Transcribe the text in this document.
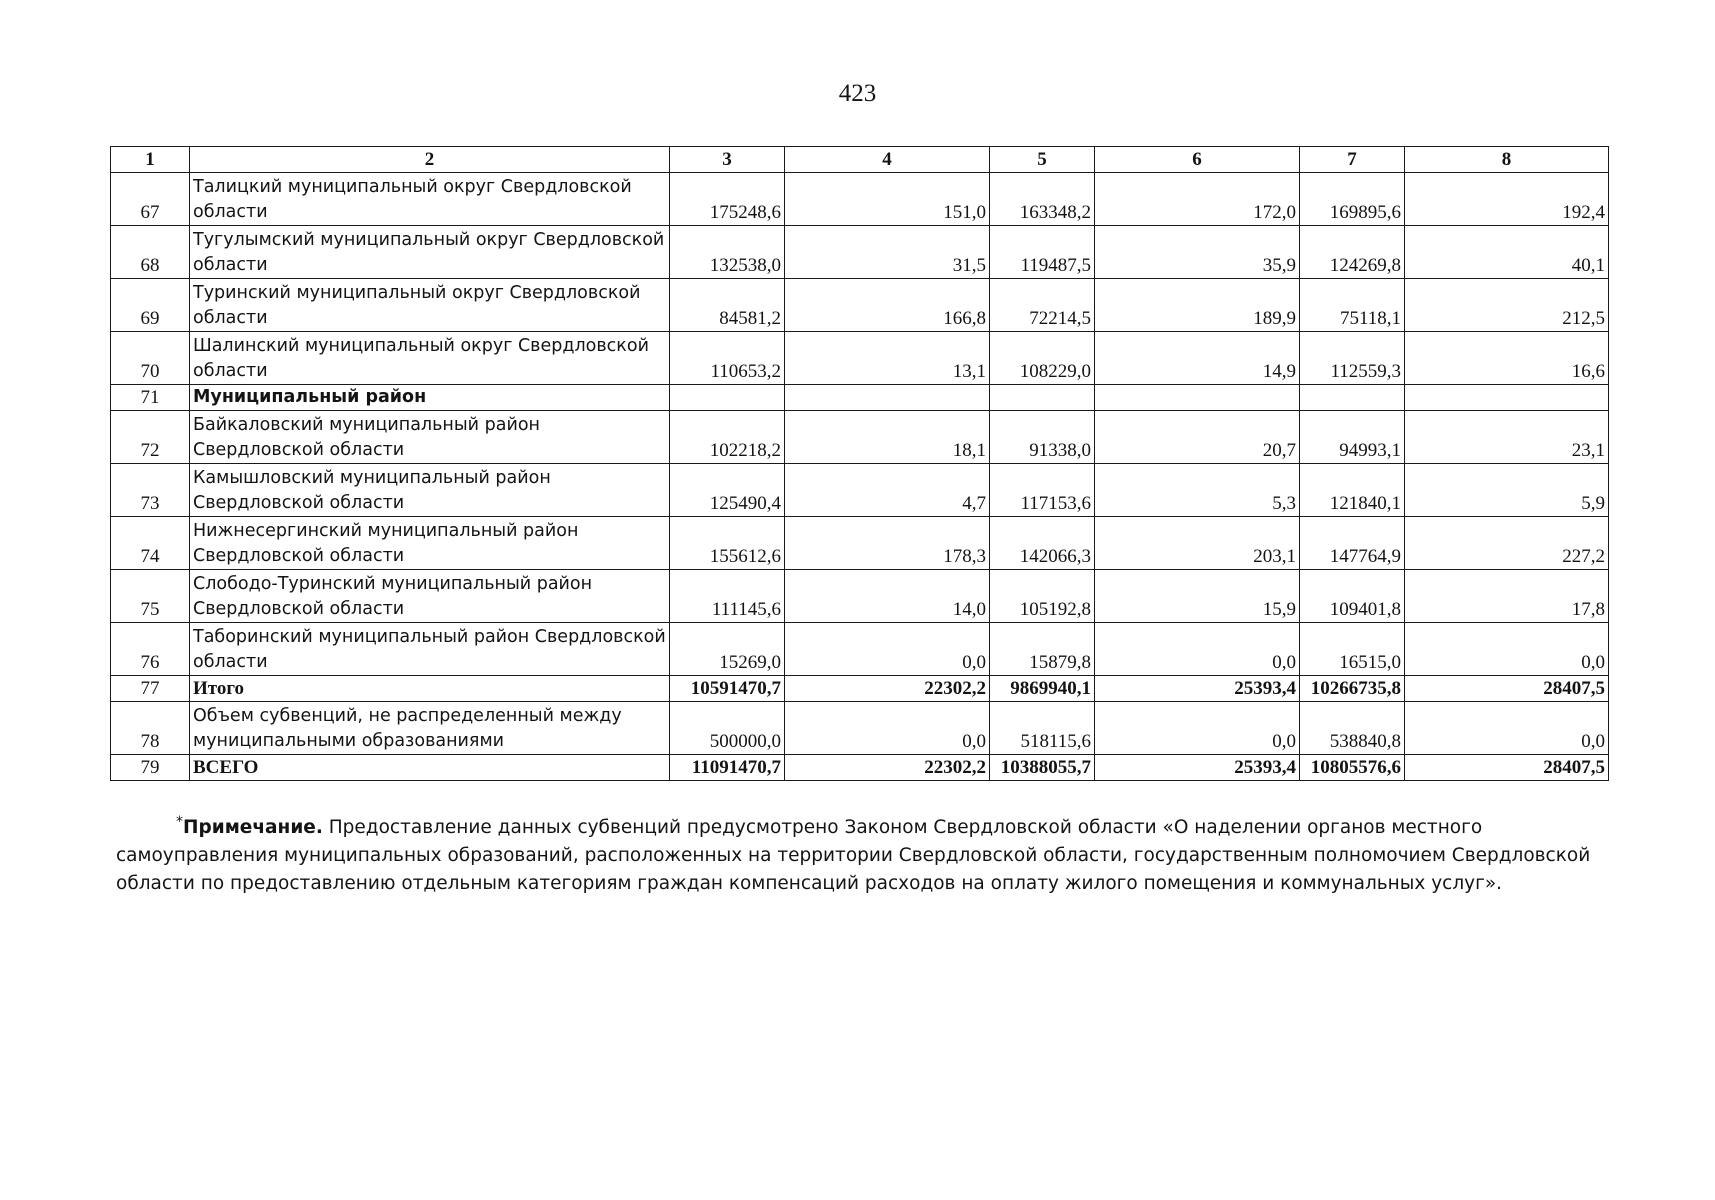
423
1	2	3	4	5	6	7	8
67	Талицкий муниципальный округ Свердловской области	175248,6	151,0	163348,2	172,0	169895,6	192,4
68	Тугулымский муниципальный округ Свердловской области	132538,0	31,5	119487,5	35,9	124269,8	40,1
69	Туринский муниципальный округ Свердловской области	84581,2	166,8	72214,5	189,9	75118,1	212,5
70	Шалинский муниципальный округ Свердловской области	110653,2	13,1	108229,0	14,9	112559,3	16,6
71	Муниципальный район						
72	Байкаловский муниципальный район Свердловской области	102218,2	18,1	91338,0	20,7	94993,1	23,1
73	Камышловский муниципальный район Свердловской области	125490,4	4,7	117153,6	5,3	121840,1	5,9
74	Нижнесергинский муниципальный район Свердловской области	155612,6	178,3	142066,3	203,1	147764,9	227,2
75	Слободо-Туринский муниципальный район Свердловской области	111145,6	14,0	105192,8	15,9	109401,8	17,8
76	Таборинский муниципальный район Свердловской области	15269,0	0,0	15879,8	0,0	16515,0	0,0
77	Итого	10591470,7	22302,2	9869940,1	25393,4	10266735,8	28407,5
78	Объем субвенций, не распределенный между муниципальными образованиями	500000,0	0,0	518115,6	0,0	538840,8	0,0
79	ВСЕГО	11091470,7	22302,2	10388055,7	25393,4	10805576,6	28407,5
*Примечание. Предоставление данных субвенций предусмотрено Законом Свердловской области «О наделении органов местного самоуправления муниципальных образований, расположенных на территории Свердловской области, государственным полномочием Свердловской области по предоставлению отдельным категориям граждан компенсаций расходов на оплату жилого помещения и коммунальных услуг».
